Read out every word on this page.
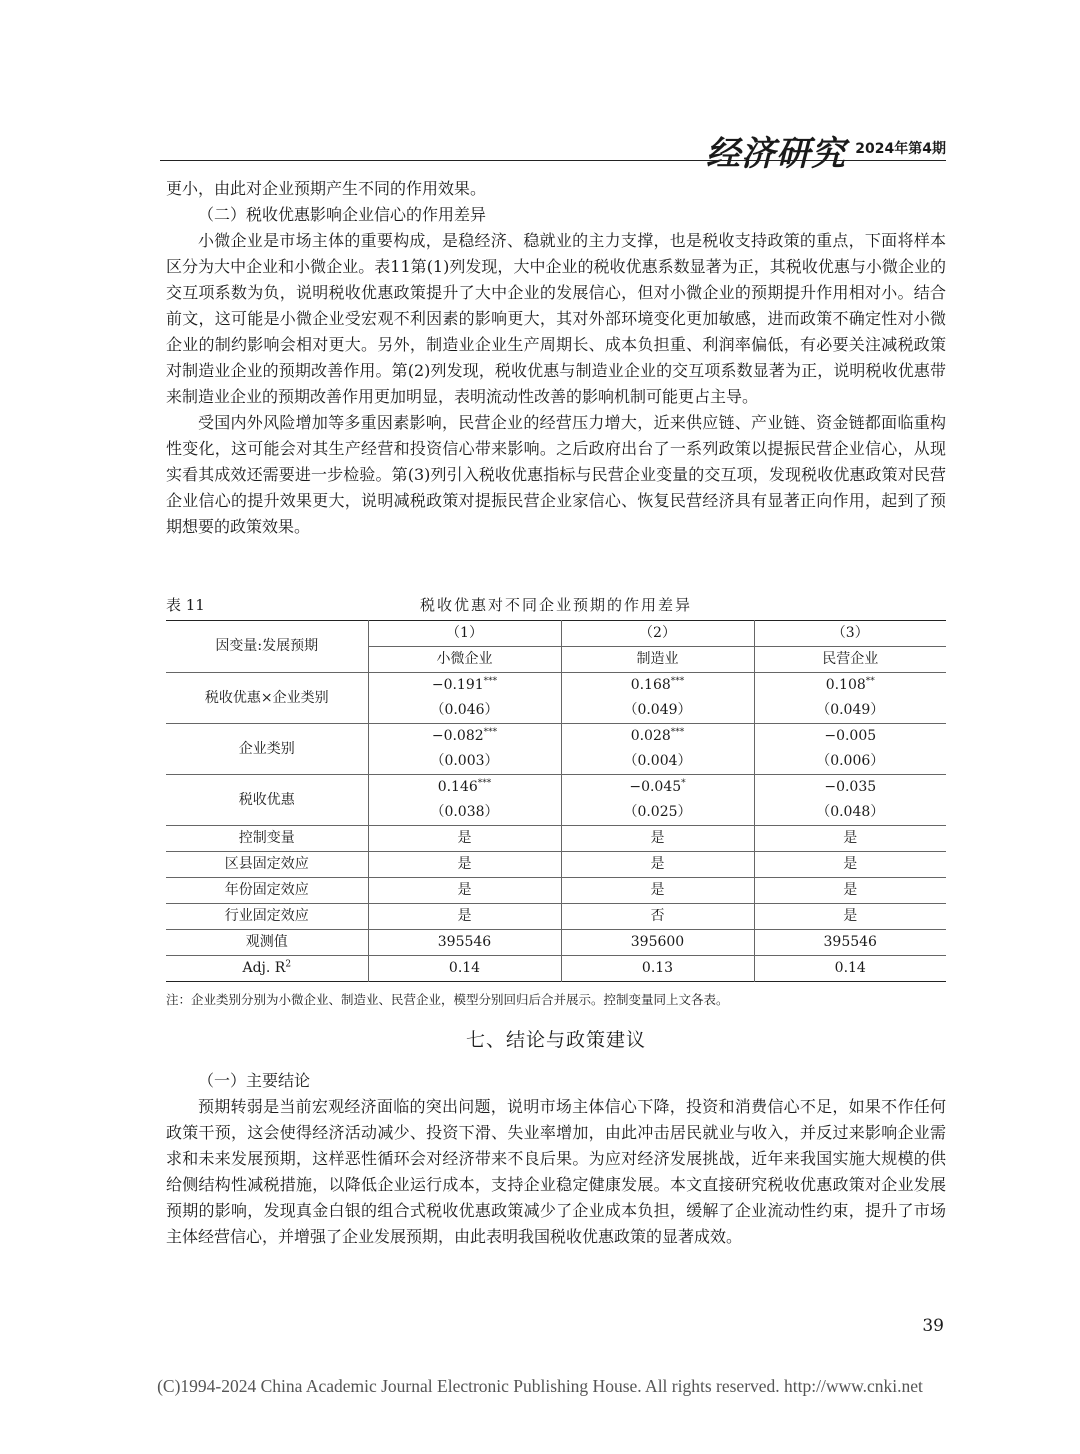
经济研究 2024年第4期

更小，由此对企业预期产生不同的作用效果。

（二）税收优惠影响企业信心的作用差异

小微企业是市场主体的重要构成，是稳经济、稳就业的主力支撑，也是税收支持政策的重点，下面将样本区分为大中企业和小微企业。表11第(1)列发现，大中企业的税收优惠系数显著为正，其税收优惠与小微企业的交互项系数为负，说明税收优惠政策提升了大中企业的发展信心，但对小微企业的预期提升作用相对小。结合前文，这可能是小微企业受宏观不利因素的影响更大，其对外部环境变化更加敏感，进而政策不确定性对小微企业的制约影响会相对更大。另外，制造业企业生产周期长、成本负担重、利润率偏低，有必要关注减税政策对制造业企业的预期改善作用。第(2)列发现，税收优惠与制造业企业的交互项系数显著为正，说明税收优惠带来制造业企业的预期改善作用更加明显，表明流动性改善的影响机制可能更占主导。

受国内外风险增加等多重因素影响，民营企业的经营压力增大，近来供应链、产业链、资金链都面临重构性变化，这可能会对其生产经营和投资信心带来影响。之后政府出台了一系列政策以提振民营企业信心，从现实看其成效还需要进一步检验。第(3)列引入税收优惠指标与民营企业变量的交互项，发现税收优惠政策对民营企业信心的提升效果更大，说明减税政策对提振民营企业家信心、恢复民营经济具有显著正向作用，起到了预期想要的政策效果。

表 11	税收优惠对不同企业预期的作用差异
因变量:发展预期	（1）	（2）	（3）
	小微企业	制造业	民营企业
税收优惠×企业类别	−0.191***	0.168***	0.108**
	（0.046）	（0.049）	（0.049）
企业类别	−0.082***	0.028***	−0.005
	（0.003）	（0.004）	（0.006）
税收优惠	0.146***	−0.045*	−0.035
	（0.038）	（0.025）	（0.048）
控制变量	是	是	是
区县固定效应	是	是	是
年份固定效应	是	是	是
行业固定效应	是	否	是
观测值	395546	395600	395546
Adj. $R^2$	0.14	0.13	0.14
注：企业类别分别为小微企业、制造业、民营企业，模型分别回归后合并展示。控制变量同上文各表。
七、结论与政策建议

（一）主要结论

预期转弱是当前宏观经济面临的突出问题，说明市场主体信心下降，投资和消费信心不足，如果不作任何政策干预，这会使得经济活动减少、投资下滑、失业率增加，由此冲击居民就业与收入，并反过来影响企业需求和未来发展预期，这样恶性循环会对经济带来不良后果。为应对经济发展挑战，近年来我国实施大规模的供给侧结构性减税措施，以降低企业运行成本，支持企业稳定健康发展。本文直接研究税收优惠政策对企业发展预期的影响，发现真金白银的组合式税收优惠政策减少了企业成本负担，缓解了企业流动性约束，提升了市场主体经营信心，并增强了企业发展预期，由此表明我国税收优惠政策的显著成效。

39
(C)1994-2024 China Academic Journal Electronic Publishing House. All rights reserved. http://www.cnki.net
